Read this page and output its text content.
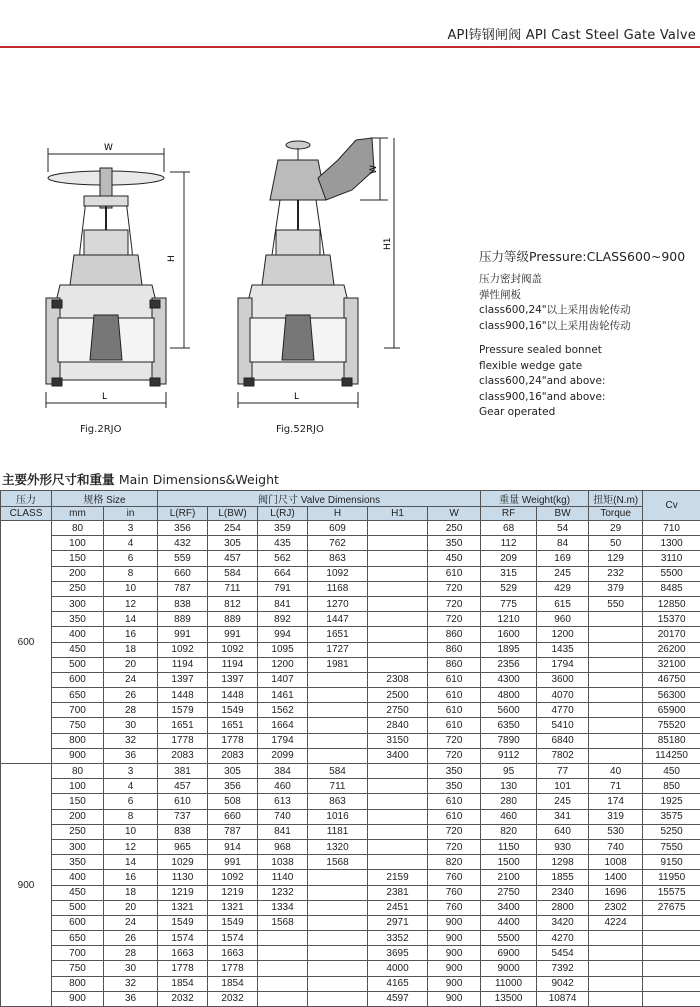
API铸钢闸阀 API Cast Steel Gate Valve
W
H
L
W
H1
L
Fig.2RJO	Fig.52RJO
压力等级Pressure:CLASS600~900
压力密封阀盖
弹性闸板
class600,24"以上采用齿轮传动
class900,16"以上采用齿轮传动
Pressure sealed bonnet
flexible wedge gate
class600,24"and above:
class900,16"and above:
Gear operated
主要外形尺寸和重量 Main Dimensions&Weight
压力	规格 Size		阀门尺寸 Valve Dimensions						重量 Weight(kg)		扭矩(N.m)	Cv
CLASS	mm	in	L(RF)	L(BW)	L(RJ)	H	H1	W	RF	BW	Torque	
600	80	3	356	254	359	609		250	68	54	29	710
	100	4	432	305	435	762		350	112	84	50	1300
	150	6	559	457	562	863		450	209	169	129	3110
	200	8	660	584	664	1092		610	315	245	232	5500
	250	10	787	711	791	1168		720	529	429	379	8485
	300	12	838	812	841	1270		720	775	615	550	12850
	350	14	889	889	892	1447		720	1210	960		15370
	400	16	991	991	994	1651		860	1600	1200		20170
	450	18	1092	1092	1095	1727		860	1895	1435		26200
	500	20	1194	1194	1200	1981		860	2356	1794		32100
	600	24	1397	1397	1407		2308	610	4300	3600		46750
	650	26	1448	1448	1461		2500	610	4800	4070		56300
	700	28	1579	1549	1562		2750	610	5600	4770		65900
	750	30	1651	1651	1664		2840	610	6350	5410		75520
	800	32	1778	1778	1794		3150	720	7890	6840		85180
	900	36	2083	2083	2099		3400	720	9112	7802		114250
900	80	3	381	305	384	584		350	95	77	40	450
	100	4	457	356	460	711		350	130	101	71	850
	150	6	610	508	613	863		610	280	245	174	1925
	200	8	737	660	740	1016		610	460	341	319	3575
	250	10	838	787	841	1181		720	820	640	530	5250
	300	12	965	914	968	1320		720	1150	930	740	7550
	350	14	1029	991	1038	1568		820	1500	1298	1008	9150
	400	16	1130	1092	1140		2159	760	2100	1855	1400	11950
	450	18	1219	1219	1232		2381	760	2750	2340	1696	15575
	500	20	1321	1321	1334		2451	760	3400	2800	2302	27675
	600	24	1549	1549	1568		2971	900	4400	3420	4224	
	650	26	1574	1574			3352	900	5500	4270		
	700	28	1663	1663			3695	900	6900	5454		
	750	30	1778	1778			4000	900	9000	7392		
	800	32	1854	1854			4165	900	11000	9042		
	900	36	2032	2032			4597	900	13500	10874		
